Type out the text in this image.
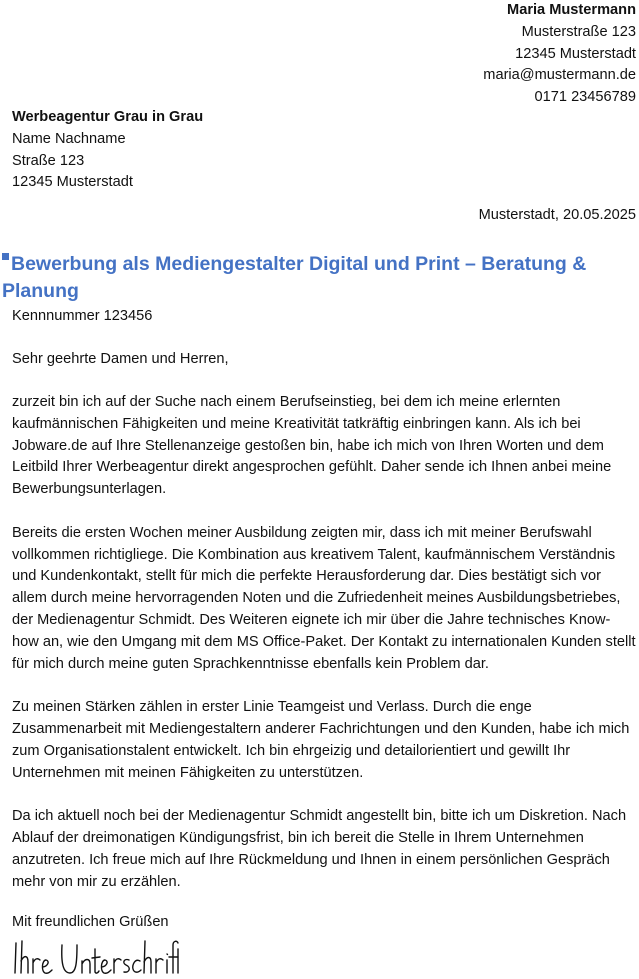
Maria Mustermann
Musterstraße 123
12345 Musterstadt
maria@mustermann.de
0171 23456789
Werbeagentur Grau in Grau
Name Nachname
Straße 123
12345 Musterstadt
Musterstadt, 20.05.2025
Bewerbung als Mediengestalter Digital und Print – Beratung & Planung
Kennnummer 123456
Sehr geehrte Damen und Herren,

zurzeit bin ich auf der Suche nach einem Berufseinstieg, bei dem ich meine erlernten kaufmännischen Fähigkeiten und meine Kreativität tatkräftig einbringen kann. Als ich bei Jobware.de auf Ihre Stellenanzeige gestoßen bin, habe ich mich von Ihren Worten und dem Leitbild Ihrer Werbeagentur direkt angesprochen gefühlt. Daher sende ich Ihnen anbei meine Bewerbungsunterlagen.

Bereits die ersten Wochen meiner Ausbildung zeigten mir, dass ich mit meiner Berufswahl vollkommen richtigliege. Die Kombination aus kreativem Talent, kaufmännischem Verständnis und Kundenkontakt, stellt für mich die perfekte Herausforderung dar. Dies bestätigt sich vor allem durch meine hervorragenden Noten und die Zufriedenheit meines Ausbildungsbetriebes, der Medienagentur Schmidt. Des Weiteren eignete ich mir über die Jahre technisches Know-how an, wie den Umgang mit dem MS Office-Paket. Der Kontakt zu internationalen Kunden stellt für mich durch meine guten Sprachkenntnisse ebenfalls kein Problem dar.

Zu meinen Stärken zählen in erster Linie Teamgeist und Verlass. Durch die enge Zusammenarbeit mit Mediengestaltern anderer Fachrichtungen und den Kunden, habe ich mich zum Organisationstalent entwickelt. Ich bin ehrgeizig und detailorientiert und gewillt Ihr Unternehmen mit meinen Fähigkeiten zu unterstützen.

Da ich aktuell noch bei der Medienagentur Schmidt angestellt bin, bitte ich um Diskretion. Nach Ablauf der dreimonatigen Kündigungsfrist, bin ich bereit die Stelle in Ihrem Unternehmen anzutreten. Ich freue mich auf Ihre Rückmeldung und Ihnen in einem persönlichen Gespräch mehr von mir zu erzählen.

Mit freundlichen Grüßen
